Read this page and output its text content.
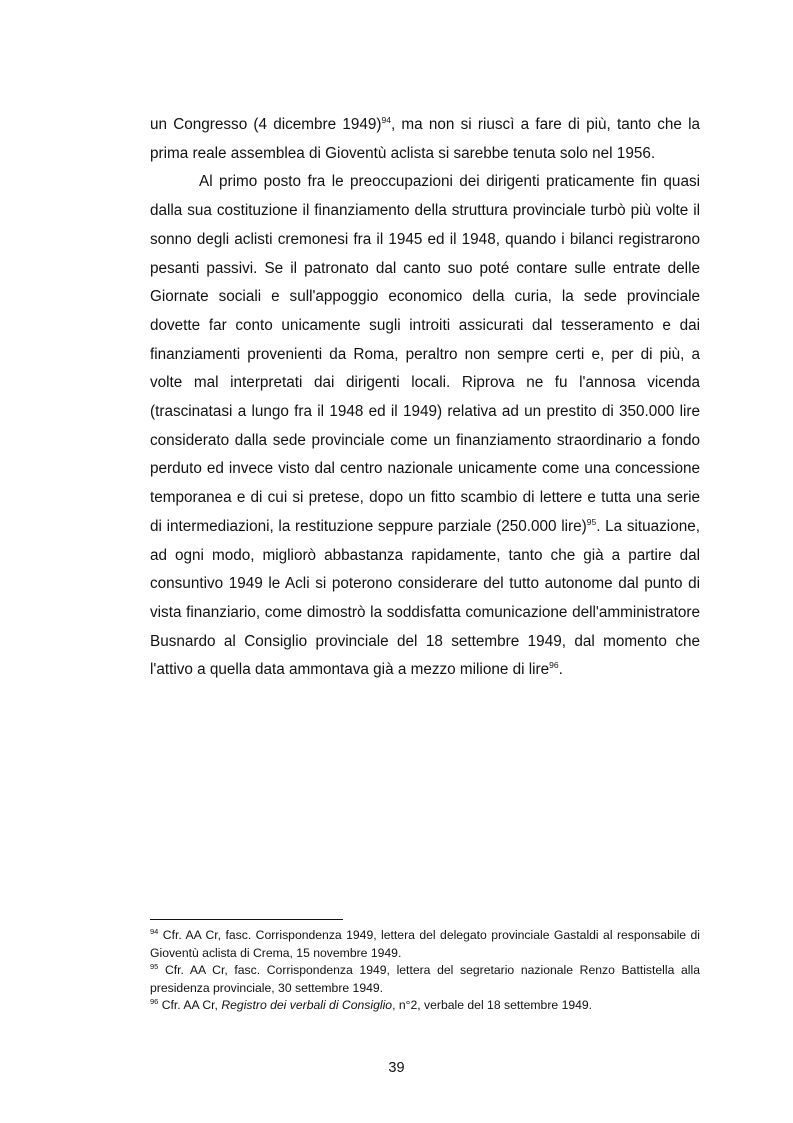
un Congresso (4 dicembre 1949)$^{94}$, ma non si riuscì a fare di più, tanto che la prima reale assemblea di Gioventù aclista si sarebbe tenuta solo nel 1956.

Al primo posto fra le preoccupazioni dei dirigenti praticamente fin quasi dalla sua costituzione il finanziamento della struttura provinciale turbò più volte il sonno degli aclisti cremonesi fra il 1945 ed il 1948, quando i bilanci registrarono pesanti passivi. Se il patronato dal canto suo poté contare sulle entrate delle Giornate sociali e sull'appoggio economico della curia, la sede provinciale dovette far conto unicamente sugli introiti assicurati dal tesseramento e dai finanziamenti provenienti da Roma, peraltro non sempre certi e, per di più, a volte mal interpretati dai dirigenti locali. Riprova ne fu l'annosa vicenda (trascinatasi a lungo fra il 1948 ed il 1949) relativa ad un prestito di 350.000 lire considerato dalla sede provinciale come un finanziamento straordinario a fondo perduto ed invece visto dal centro nazionale unicamente come una concessione temporanea e di cui si pretese, dopo un fitto scambio di lettere e tutta una serie di intermediazioni, la restituzione seppure parziale (250.000 lire)$^{95}$. La situazione, ad ogni modo, migliorò abbastanza rapidamente, tanto che già a partire dal consuntivo 1949 le Acli si poterono considerare del tutto autonome dal punto di vista finanziario, come dimostrò la soddisfatta comunicazione dell'amministratore Busnardo al Consiglio provinciale del 18 settembre 1949, dal momento che l'attivo a quella data ammontava già a mezzo milione di lire$^{96}$.

$^{94}$ Cfr. AA Cr, fasc. Corrispondenza 1949, lettera del delegato provinciale Gastaldi al responsabile di Gioventù aclista di Crema, 15 novembre 1949.

$^{95}$ Cfr. AA Cr, fasc. Corrispondenza 1949, lettera del segretario nazionale Renzo Battistella alla presidenza provinciale, 30 settembre 1949.

$^{96}$ Cfr. AA Cr, Registro dei verbali di Consiglio, n°2, verbale del 18 settembre 1949.

39
